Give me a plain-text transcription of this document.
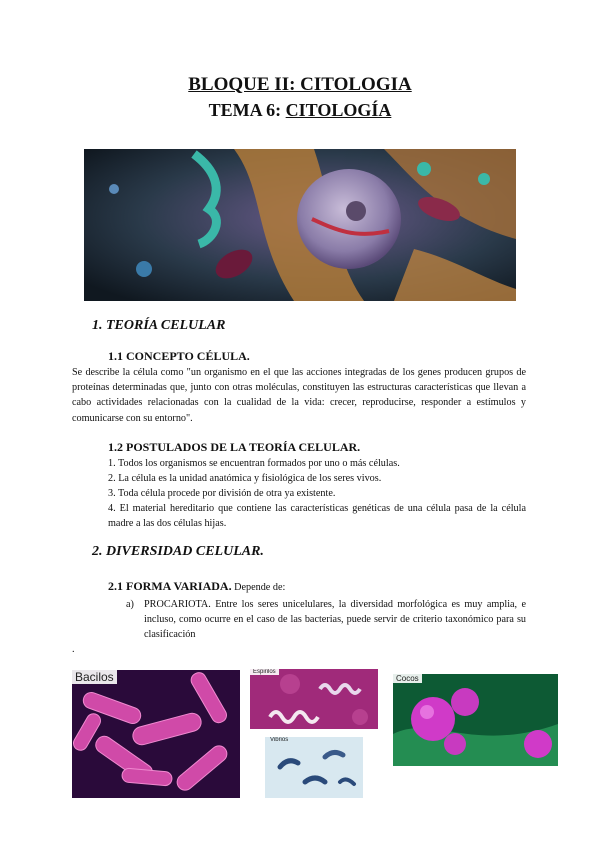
BLOQUE II: CITOLOGIA
TEMA 6: CITOLOGÍA
1. TEORÍA CELULAR
1.1 CONCEPTO CÉLULA.
Se describe la célula como "un organismo en el que las acciones integradas de los genes producen grupos de proteínas determinadas que, junto con otras moléculas, constituyen las estructuras características que llevan a cabo actividades relacionadas con la cualidad de la vida: crecer, reproducirse, responder a estímulos y comunicarse con su entorno".
1.2 POSTULADOS DE LA TEORÍA CELULAR.
1. Todos los organismos se encuentran formados por uno o más células.
2. La célula es la unidad anatómica y fisiológica de los seres vivos.
3. Toda célula procede por división de otra ya existente.
4. El material hereditario que contiene las características genéticas de una célula pasa de la célula madre a las dos células hijas.
2. DIVERSIDAD CELULAR.
2.1 FORMA VARIADA. Depende de:
a) PROCARIOTA. Entre los seres unicelulares, la diversidad morfológica es muy amplia, e incluso, como ocurre en el caso de las bacterias, puede servir de criterio taxonómico para su clasificación
.
Bacilos	Espirilos
Vibrios
Cocos
